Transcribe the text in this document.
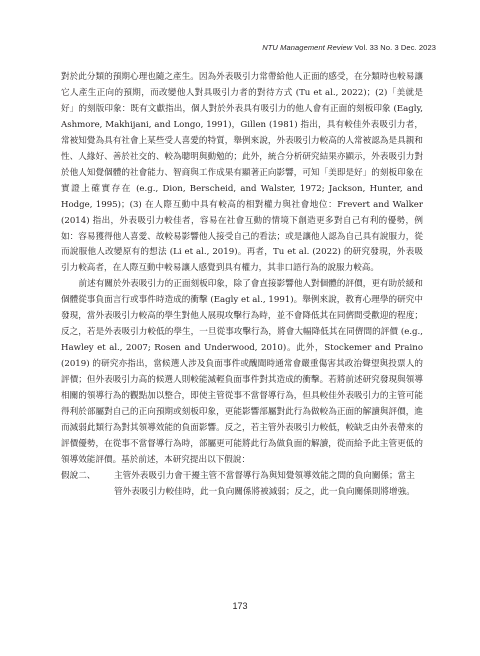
NTU Management Review Vol. 33 No. 3 Dec. 2023

對於此分類的預期心理也隨之產生。因為外表吸引力常帶給他人正面的感受，在分類時也較易讓它人產生正向的預期，而改變他人對具吸引力者的對待方式 (Tu et al., 2022)；(2)「美就是好」的刻版印象：既有文獻指出，個人對於外表具有吸引力的他人會有正面的刻板印象 (Eagly, Ashmore, Makhijani, and Longo, 1991)，Gillen (1981) 指出，具有較佳外表吸引力者，常被知覺為具有社會上某些受人喜愛的特質，舉例來說，外表吸引力較高的人常被認為是具親和性、人緣好、善於社交的、較為聰明與動勉的；此外，統合分析研究結果亦顯示，外表吸引力對於他人知覺個體的社會能力、智商與工作成果有顯著正向影響，可知「美即是好」的刻板印象在實證上確實存在 (e.g., Dion, Berscheid, and Walster, 1972; Jackson, Hunter, and Hodge, 1995)；(3) 在人際互動中具有較高的相對權力與社會地位：Frevert and Walker (2014) 指出，外表吸引力較佳者，容易在社會互動的情境下創造更多對自己有利的優勢，例如：容易獲得他人喜愛、故較易影響他人接受自己的看法；或是讓他人認為自己具有說服力，從而說服他人改變原有的想法 (Li et al., 2019)。再者，Tu et al. (2022) 的研究發現，外表吸引力較高者，在人際互動中較易讓人感覺到具有權力，其非口語行為的說服力較高。

前述有關於外表吸引力的正面刻板印象，除了會直接影響他人對個體的評價，更有助於緩和個體從事負面言行或事件時造成的衝擊 (Eagly et al., 1991)。舉例來說，教育心理學的研究中發現，當外表吸引力較高的學生對他人展現攻擊行為時，並不會降低其在同儕間受歡迎的程度；反之，若是外表吸引力較低的學生，一旦從事攻擊行為，將會大幅降低其在同儕間的評價 (e.g., Hawley et al., 2007; Rosen and Underwood, 2010)。此外，Stockemer and Praino (2019) 的研究亦指出，當候選人涉及負面事件或醜聞時通常會嚴重傷害其政治聲望與投票人的評價；但外表吸引力高的候選人則較能減輕負面事件對其造成的衝擊。若將前述研究發現與領導相關的領導行為的觀點加以整合，即使主管從事不當督導行為，但具較佳外表吸引力的主管可能得利於部屬對自己的正向預期或刻板印象，更能影響部屬對此行為做較為正面的解讀與評價，進而減弱此類行為對其領導效能的負面影響。反之，若主管外表吸引力較低，較缺乏由外表帶來的評價優勢，在從事不當督導行為時，部屬更可能將此行為做負面的解讀，從而給予此主管更低的領導效能評價。基於前述，本研究提出以下假說：

假說二、	主管外表吸引力會干擾主管不當督導行為與知覺領導效能之間的負向關係；當主管外表吸引力較佳時，此一負向關係將被減弱；反之，此一負向關係則將增強。
173
